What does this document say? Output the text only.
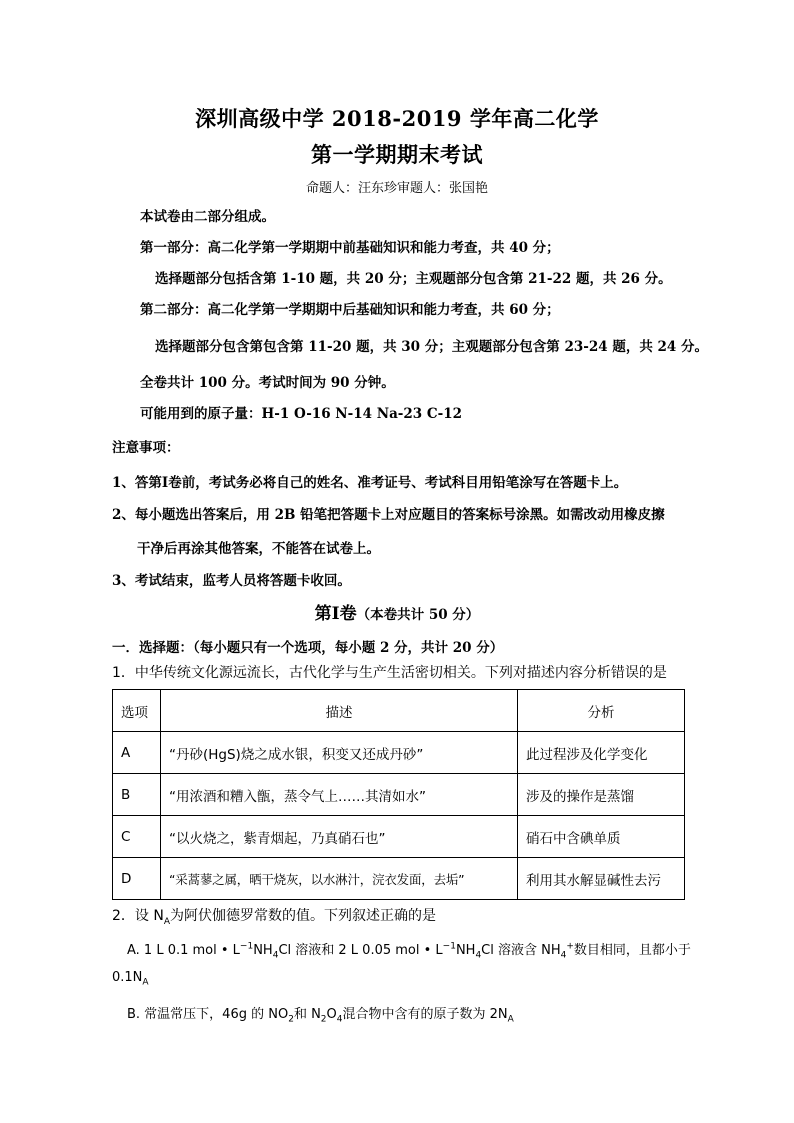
深圳高级中学 2018-2019 学年高二化学
第一学期期末考试
命题人：汪东珍审题人：张国艳
本试卷由二部分组成。
第一部分：高二化学第一学期期中前基础知识和能力考查，共 40 分；
选择题部分包括含第 1-10 题，共 20 分；主观题部分包含第 21-22 题，共 26 分。
第二部分：高二化学第一学期期中后基础知识和能力考查，共 60 分；
选择题部分包含第包含第 11-20 题，共 30 分；主观题部分包含第 23-24 题，共 24 分。
全卷共计 100 分。考试时间为 90 分钟。
可能用到的原子量：H-1 O-16 N-14 Na-23 C-12
注意事项：
1、答第Ⅰ卷前，考试务必将自己的姓名、准考证号、考试科目用铅笔涂写在答题卡上。
2、每小题选出答案后，用 2B 铅笔把答题卡上对应题目的答案标号涂黑。如需改动用橡皮擦
干净后再涂其他答案，不能答在试卷上。
3、考试结束，监考人员将答题卡收回。
第Ⅰ卷（本卷共计 50 分）
一．选择题：（每小题只有一个选项，每小题 2 分，共计 20 分）
1．中华传统文化源远流长，古代化学与生产生活密切相关。下列对描述内容分析错误的是
选项	描述	分析
A	“丹砂(HgS)烧之成水银，积变又还成丹砂”	此过程涉及化学变化
B	“用浓酒和糟入甑，蒸令气上……其清如水”	涉及的操作是蒸馏
C	“以火烧之，紫青烟起，乃真硝石也”	硝石中含碘单质
D	“采蒿蓼之属，晒干烧灰，以水淋汁，浣衣发面，去垢”	利用其水解显碱性去污
2．设 $N_A$为阿伏伽德罗常数的值。下列叙述正确的是
A. 1 L 0.1 mol • $L^{-1}NH_4Cl$ 溶液和 2 L 0.05 mol • $L^{-1}NH_4Cl$ 溶液含 $NH_4^+$数目相同，且都小于
$0.1N_A$
B. 常温常压下，46g 的 $NO_2$和 $N_2O_4$混合物中含有的原子数为 $2N_A$
